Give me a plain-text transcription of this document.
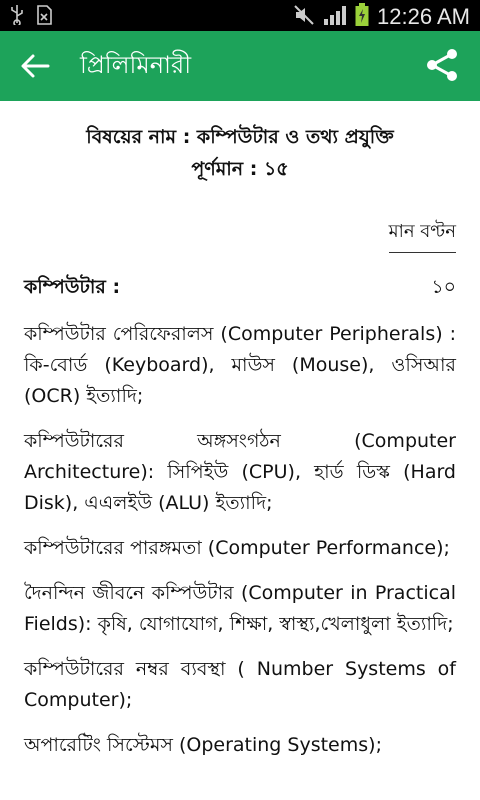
12:26 AM
প্রিলিমিনারী
বিষয়ের নাম : কম্পিউটার ও তথ্য প্রযুক্তি
পূর্ণমান : ১৫
মান বণ্টন
কম্পিউটার :	১০
কম্পিউটার পেরিফেরালস (Computer Peripherals) : কি-বোর্ড (Keyboard), মাউস (Mouse), ওসিআর (OCR) ইত্যাদি;
কম্পিউটারের অঙ্গসংগঠন (Computer Architecture): সিপিইউ (CPU), হার্ড ডিস্ক (Hard Disk), এএলইউ (ALU) ইত্যাদি;
কম্পিউটারের পারঙ্গমতা (Computer Performance);
দৈনন্দিন জীবনে কম্পিউটার (Computer in Practical Fields): কৃষি, যোগাযোগ, শিক্ষা, স্বাস্থ্য,খেলাধুলা ইত্যাদি;
কম্পিউটারের নম্বর ব্যবস্থা ( Number Systems of Computer);
অপারেটিং সিস্টেমস (Operating Systems);
